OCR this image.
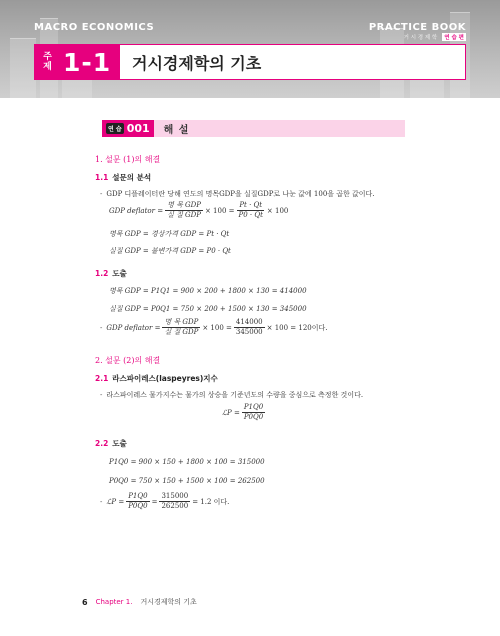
MACRO ECONOMICS	PRACTICE BOOK
거 시 경 제 학	연 습 편
주제 1-1	거시경제학의 기초
연 습 001 해 설
1. 설문 (1)의 해결
1.1 설문의 분석
- GDP 디플레이터란 당해 연도의 명목GDP을 실질GDP로 나눈 값에 100을 곱한 값이다.
GDP deflator = $\frac{\text{명 목 GDP}}{\text{실 질 GDP}} \times 100 = \frac{Pt \cdot Qt}{P0 \cdot Qt} \times 100$
명목 GDP = 경상가격 GDP = Pt · Qt
실질 GDP = 불변가격 GDP = P0 · Qt
1.2 도출
명목 GDP = P1Q1 = 900 × 200 + 1800 × 130 = 414000
실질 GDP = P0Q1 = 750 × 200 + 1500 × 130 = 345000
- GDP deflator = $\frac{\text{명 목 GDP}}{\text{실 질 GDP}} \times 100 = \frac{414000}{345000} \times 100 = 120$이다.
2. 설문 (2)의 해결
2.1 라스파이레스(laspeyres)지수
- 라스파이레스 물가지수는 물가의 상승을 기준년도의 수량을 중심으로 측정한 것이다.
ℒP = $\frac{P1Q0}{P0Q0}$
2.2 도출
P1Q0 = 900 × 150 + 1800 × 100 = 315000
P0Q0 = 750 × 150 + 1500 × 100 = 262500
- ℒP = $\frac{P1Q0}{P0Q0} = \frac{315000}{262500} = 1.2$ 이다.
6 Chapter 1. 거시경제학의 기초
